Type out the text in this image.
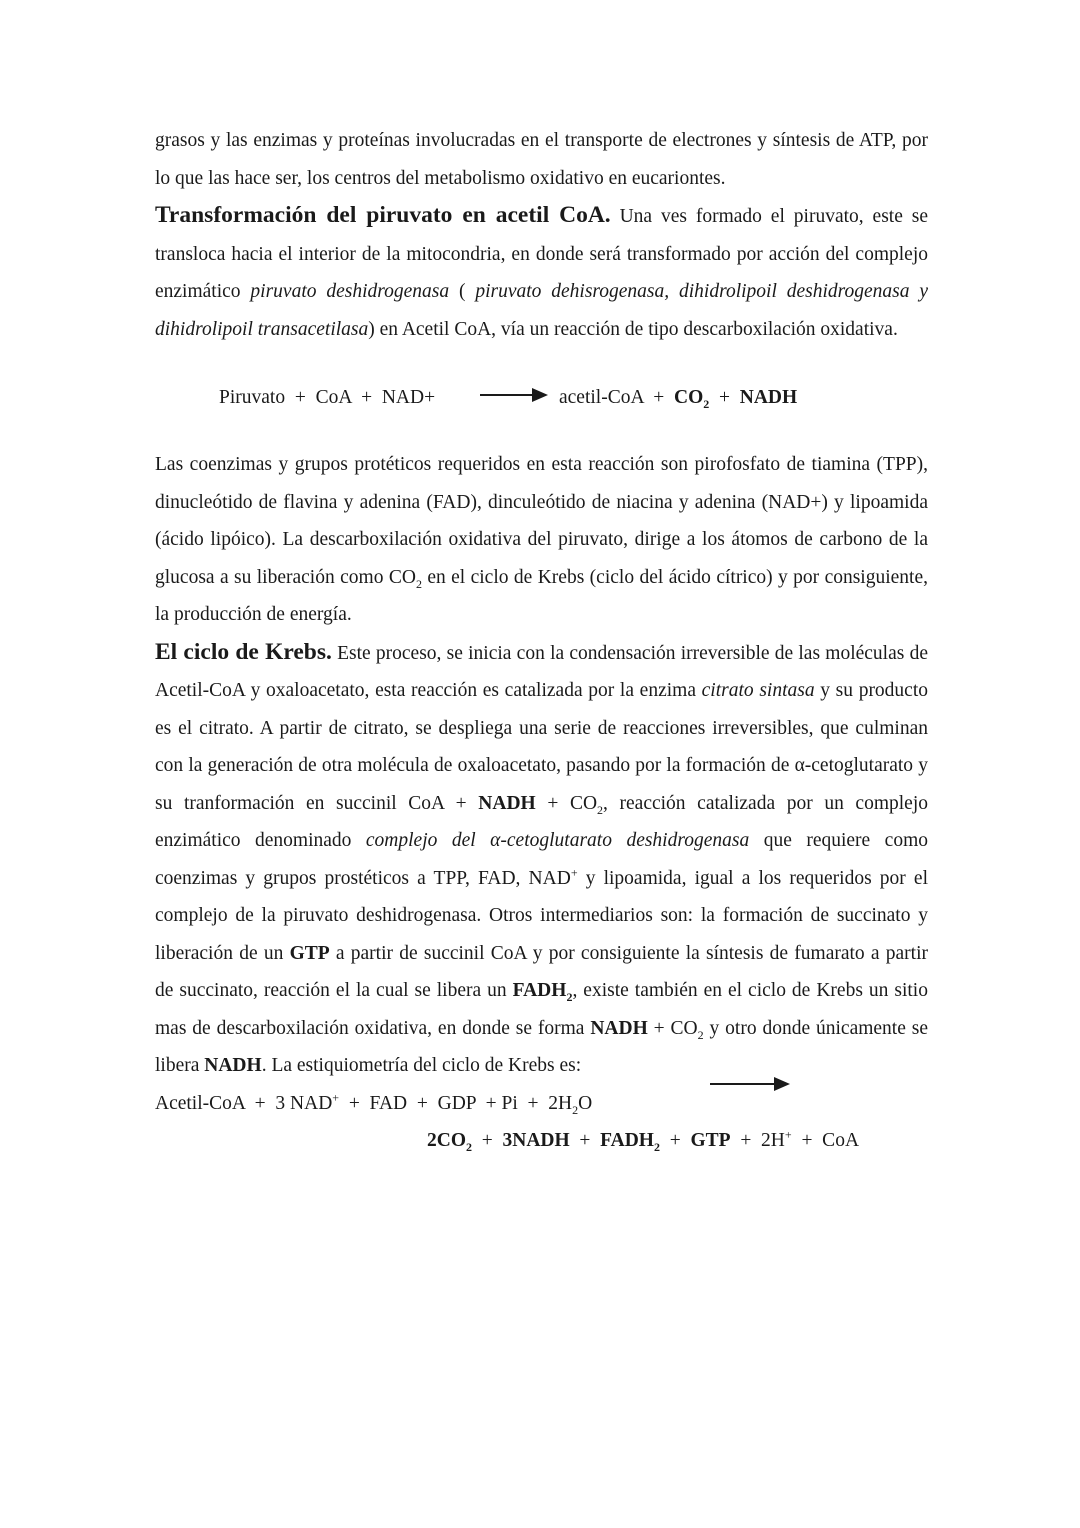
grasos y las enzimas y proteínas involucradas en el transporte de electrones y síntesis de ATP, por lo que las hace ser, los centros del metabolismo oxidativo en eucariontes.

Transformación del piruvato en acetil CoA. Una ves formado el piruvato, este se transloca hacia el interior de la mitocondria, en donde será transformado por acción del complejo enzimático piruvato deshidrogenasa ( piruvato dehisrogenasa, dihidrolipoil deshidrogenasa y dihidrolipoil transacetilasa) en Acetil CoA, vía un reacción de tipo descarboxilación oxidativa.

Piruvato  +  CoA  +  NAD+ → acetil-CoA  +  $CO_2$  +  NADH

Las coenzimas y grupos protéticos requeridos en esta reacción son pirofosfato de tiamina (TPP), dinucleótido de flavina y adenina (FAD), dinculeótido de niacina y adenina (NAD+) y lipoamida (ácido lipóico). La descarboxilación oxidativa del piruvato, dirige a los átomos de carbono de la glucosa a su liberación como $CO_2$ en el ciclo de Krebs (ciclo del ácido cítrico) y por consiguiente, la producción de energía.

El ciclo de Krebs. Este proceso, se inicia con la condensación irreversible de las moléculas de Acetil-CoA y oxaloacetato, esta reacción es catalizada por la enzima citrato sintasa y su producto es el citrato. A partir de citrato, se despliega una serie de reacciones irreversibles, que culminan con la generación de otra molécula de oxaloacetato, pasando por la formación de α-cetoglutarato y su tranformación en succinil CoA + NADH + $CO_2$, reacción catalizada por un complejo enzimático denominado complejo del α-cetoglutarato deshidrogenasa que requiere como coenzimas y grupos prostéticos a TPP, FAD, NAD+ y lipoamida, igual a los requeridos por el complejo de la piruvato deshidrogenasa. Otros intermediarios son: la formación de succinato y liberación de un GTP a partir de succinil CoA y por consiguiente la síntesis de fumarato a partir de succinato, reacción el la cual se libera un $FADH_2$, existe también en el ciclo de Krebs un sitio mas de descarboxilación oxidativa, en donde se forma NADH + $CO_2$ y otro donde únicamente se libera NADH. La estiquiometría del ciclo de Krebs es:

Acetil-CoA  +  3 NAD+  +  FAD  +  GDP  + $Pi + 2H_2O$
$2CO_2$  +  3NADH  +  $FADH_2$  +  GTP  +  2H+  +  CoA
